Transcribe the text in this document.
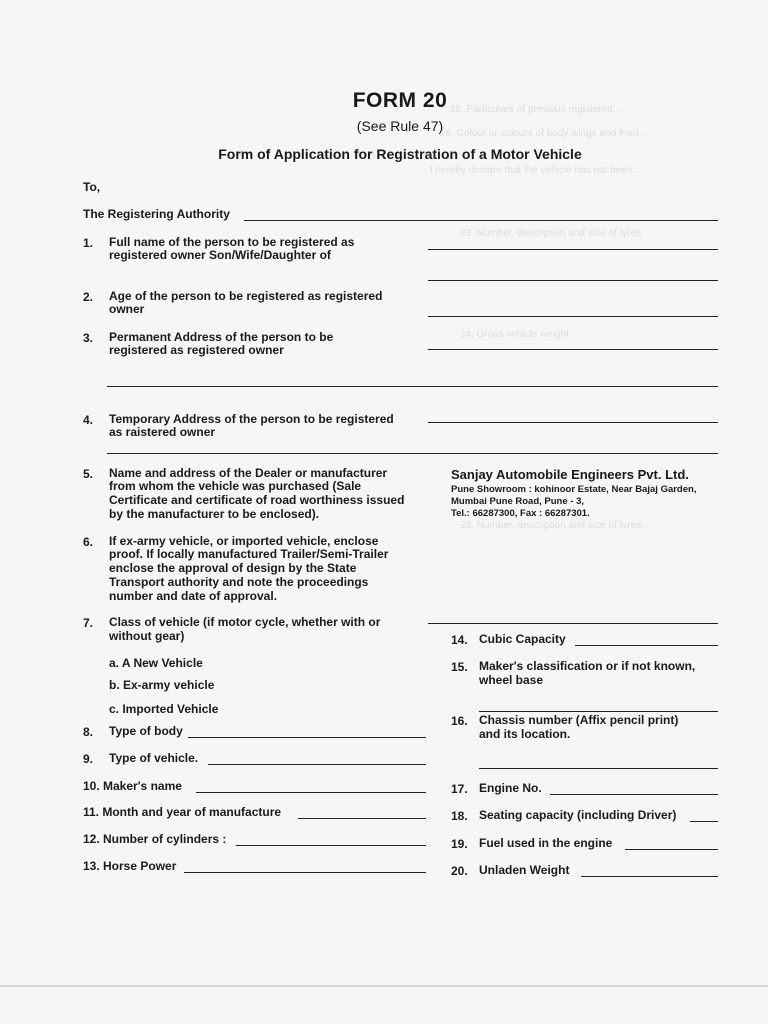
25. Particulars of previous registered...
26. Colour or colours of body wings and front...
I hereby declare that the vehicle has not been...
23. Number, description and size of tyres
24. Gross vehicle weight
29. Number, description and size of tyres...
FORM 20
(See Rule 47)
Form of Application for Registration of a Motor Vehicle
To,
The Registering Authority
1.	Full name of the person to be registered as
registered owner Son/Wife/Daughter of
2.	Age of the person to be registered as registered
owner
3.	Permanent Address of the person to be
registered as registered owner
4.	Temporary Address of the person to be registered
as raistered owner
5.	Name and address of the Dealer or manufacturer
from whom the vehicle was purchased (Sale
Certificate and certificate of road worthiness issued
by the manufacturer to be enclosed).
Sanjay Automobile Engineers Pvt. Ltd.
Pune Showroom : kohinoor Estate, Near Bajaj Garden,
Mumbai Pune Road, Pune - 3,
Tel.: 66287300, Fax : 66287301.
6.	If ex-army vehicle, or imported vehicle, enclose
proof. If locally manufactured Trailer/Semi-Trailer
enclose the approval of design by the State
Transport authority and note the proceedings
number and date of approval.
7.	Class of vehicle (if motor cycle, whether with or
without gear)
a. A New Vehicle
b. Ex-army vehicle
c. Imported Vehicle
8.	Type of body
9.	Type of vehicle.
10. Maker's name
11. Month and year of manufacture
12. Number of cylinders :
13. Horse Power
14. Cubic Capacity
15. Maker's classification or if not known,
wheel base
16. Chassis number (Affix pencil print)
and its location.
17. Engine No.
18. Seating capacity (including Driver)
19. Fuel used in the engine
20. Unladen Weight
